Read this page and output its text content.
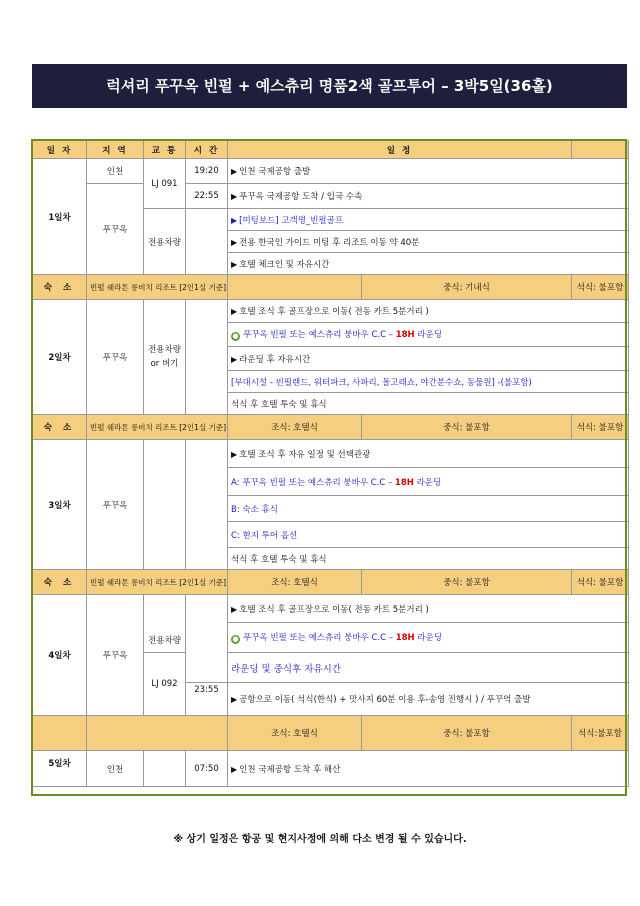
럭셔리 푸꾸옥 빈펄 + 예스츄리 명품2색 골프투어 – 3박5일(36홀)
일 자	지 역	교 통	시 간	일 정		
1일차	인천	LJ 091	19:20	▶ 인천 국제공항 출발		
	푸꾸옥		22:55	▶ 푸꾸옥 국제공항 도착 / 입국 수속		
		전용차량		▶ [미팅보드] 고객명_빈펄골프		
				▶ 전용 한국인 가이드 미팅 후 리조트 이동 약 40분		
				▶ 호텔 체크인 및 자유시간		
숙 소	빈펄 쉐라톤 롱비치 리조트 [2인1실 기준]				중식: 기내식	석식: 불포함
2일차	푸꾸옥	전용차량 or 버기		▶ 호텔 조식 후 골프장으로 이동( 전동 카트 5분거리 )		
				● 푸꾸옥 빈펄 또는 예스츄리 붕바우 C.C – 18H 라운딩		
				▶ 라운딩 후 자유시간		
				[부대시설 - 빈펄랜드, 워터파크, 사파리, 돌고래쇼, 야간분수쇼, 동물원] -(불포함)		
				석식 후 호텔 투숙 및 휴식		
숙 소	빈펄 쉐라톤 롱비치 리조트 [2인1실 기준]			조식: 호텔식	중식: 불포함	석식: 불포함
3일차	푸꾸옥			▶ 호텔 조식 후 자유 일정 및 선택관광		
				A: 푸꾸옥 빈펄 또는 예스츄리 붕바우 C.C – 18H 라운딩		
				B: 숙소 휴식		
				C: 현지 투어 옵션		
				석식 후 호텔 투숙 및 휴식		
숙 소	빈펄 쉐라톤 롱비치 리조트 [2인1실 기준]			조식: 호텔식	중식: 불포함	석식: 불포함
4일차	푸꾸옥	전용차량		▶ 호텔 조식 후 골프장으로 이동( 전동 카트 5분거리 )		
				● 푸꾸옥 빈펄 또는 예스츄리 붕바우 C.C – 18H 라운딩		
		LJ 092		라운딩 및 중식후 자유시간		
			23:55	▶ 공항으로 이동( 석식(한식) + 맛사지 60분 이용 후-송영 진행시 ) / 푸꾸억 출발		
				조식: 호텔식	중식: 불포함	석식:불포함
5일차	인천		07:50	▶ 인천 국제공항 도착 후 해산		
※ 상기 일정은 항공 및 현지사정에 의해 다소 변경 될 수 있습니다.
